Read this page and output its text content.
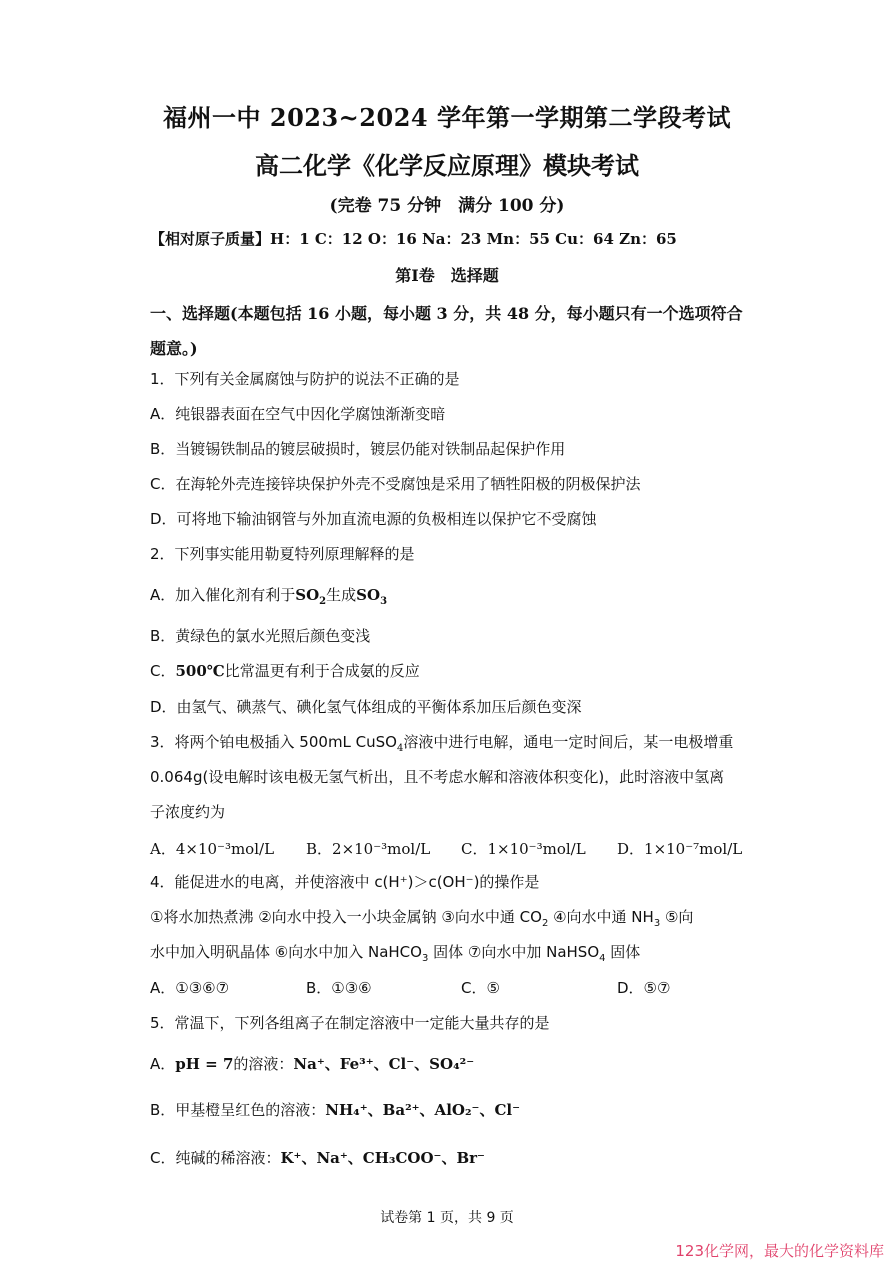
福州一中 2023~2024 学年第一学期第二学段考试
高二化学《化学反应原理》模块考试
(完卷 75 分钟　满分 100 分)
【相对原子质量】H：1 C：12 O：16 Na：23 Mn：55 Cu：64 Zn：65
第Ⅰ卷　选择题
一、选择题(本题包括 16 小题，每小题 3 分，共 48 分，每小题只有一个选项符合题意。)
1．下列有关金属腐蚀与防护的说法不正确的是
A．纯银器表面在空气中因化学腐蚀渐渐变暗
B．当镀锡铁制品的镀层破损时，镀层仍能对铁制品起保护作用
C．在海轮外壳连接锌块保护外壳不受腐蚀是采用了牺牲阳极的阴极保护法
D．可将地下输油钢管与外加直流电源的负极相连以保护它不受腐蚀
2．下列事实能用勒夏特列原理解释的是
A．加入催化剂有利于$SO_2$生成$SO_3$
B．黄绿色的氯水光照后颜色变浅
C．500℃比常温更有利于合成氨的反应
D．由氢气、碘蒸气、碘化氢气体组成的平衡体系加压后颜色变深
3．将两个铂电极插入 500mL CuSO$_4$溶液中进行电解，通电一定时间后，某一电极增重
0.064g(设电解时该电极无氢气析出，且不考虑水解和溶液体积变化)，此时溶液中氢离
子浓度约为
A．4×10⁻³mol/L B．2×10⁻³mol/L C．1×10⁻³mol/L D．1×10⁻⁷mol/L
4．能促进水的电离，并使溶液中 c(H⁺)＞c(OH⁻)的操作是
①将水加热煮沸 ②向水中投入一小块金属钠 ③向水中通 $CO_2$ ④向水中通 $NH_3$ ⑤向
水中加入明矾晶体 ⑥向水中加入 NaHCO$_3$ 固体 ⑦向水中加 NaHSO$_4$ 固体
A．①③⑥⑦	B．①③⑥	C．⑤	D．⑤⑦
5．常温下，下列各组离子在制定溶液中一定能大量共存的是
A．pH = 7的溶液：Na⁺、Fe³⁺、Cl⁻、SO₄²⁻
B．甲基橙呈红色的溶液：NH₄⁺、Ba²⁺、AlO₂⁻、Cl⁻
C．纯碱的稀溶液：K⁺、Na⁺、CH₃COO⁻、Br⁻
试卷第 1 页，共 9 页
123化学网，最大的化学资料库
